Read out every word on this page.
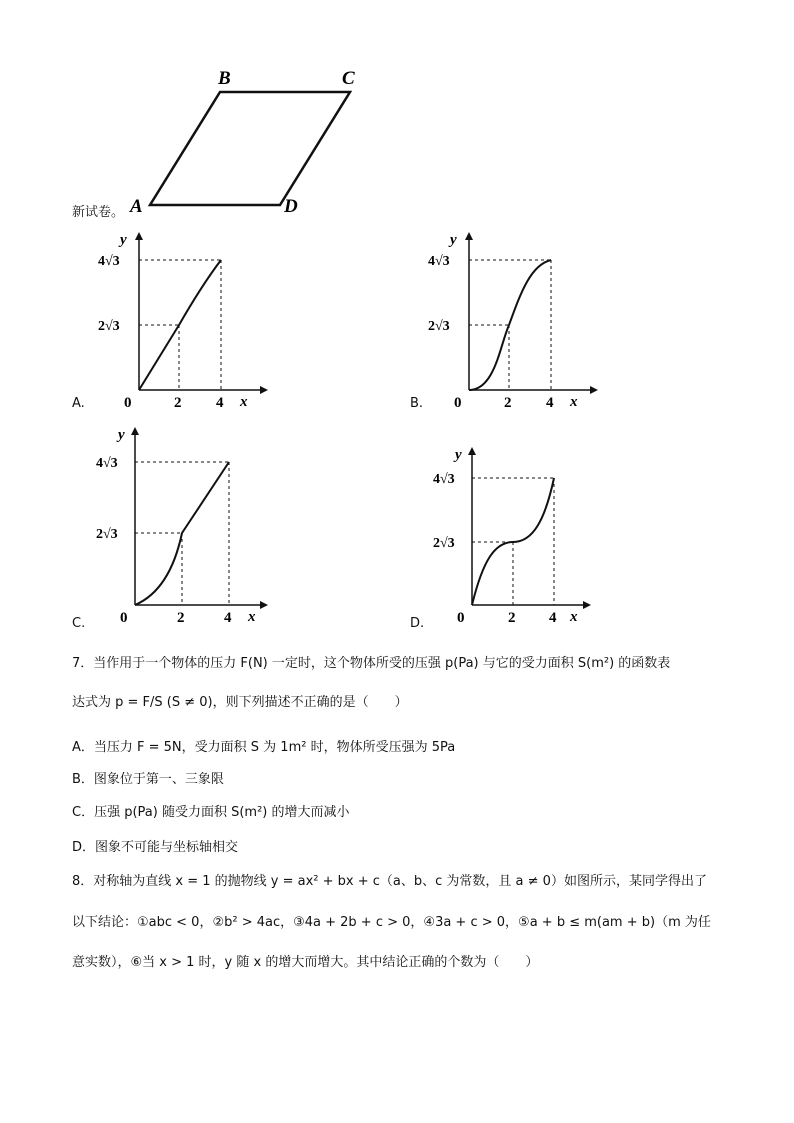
B	C
A	D
新试卷。
A.
y
x
0	2 4
2√3
4√3
B.
y
x
0	2 4
2√3
4√3
C.
y
x
0	2	4
2√3
4√3
D.
y
x
0	2 4
2√3
4√3
7．当作用于一个物体的压力 F(N) 一定时，这个物体所受的压强 p(Pa) 与它的受力面积 S(m²) 的函数表
达式为 p = F/S (S ≠ 0)，则下列描述不正确的是（　　）
A．当压力 F = 5N，受力面积 S 为 1m² 时，物体所受压强为 5Pa
B．图象位于第一、三象限
C．压强 p(Pa) 随受力面积 S(m²) 的增大而减小
D．图象不可能与坐标轴相交
8．对称轴为直线 x = 1 的抛物线 y = ax² + bx + c（a、b、c 为常数，且 a ≠ 0）如图所示，某同学得出了
以下结论：①abc < 0，②b² > 4ac，③4a + 2b + c > 0，④3a + c > 0，⑤a + b ≤ m(am + b)（m 为任
意实数），⑥当 x > 1 时，y 随 x 的增大而增大。其中结论正确的个数为（　　）
